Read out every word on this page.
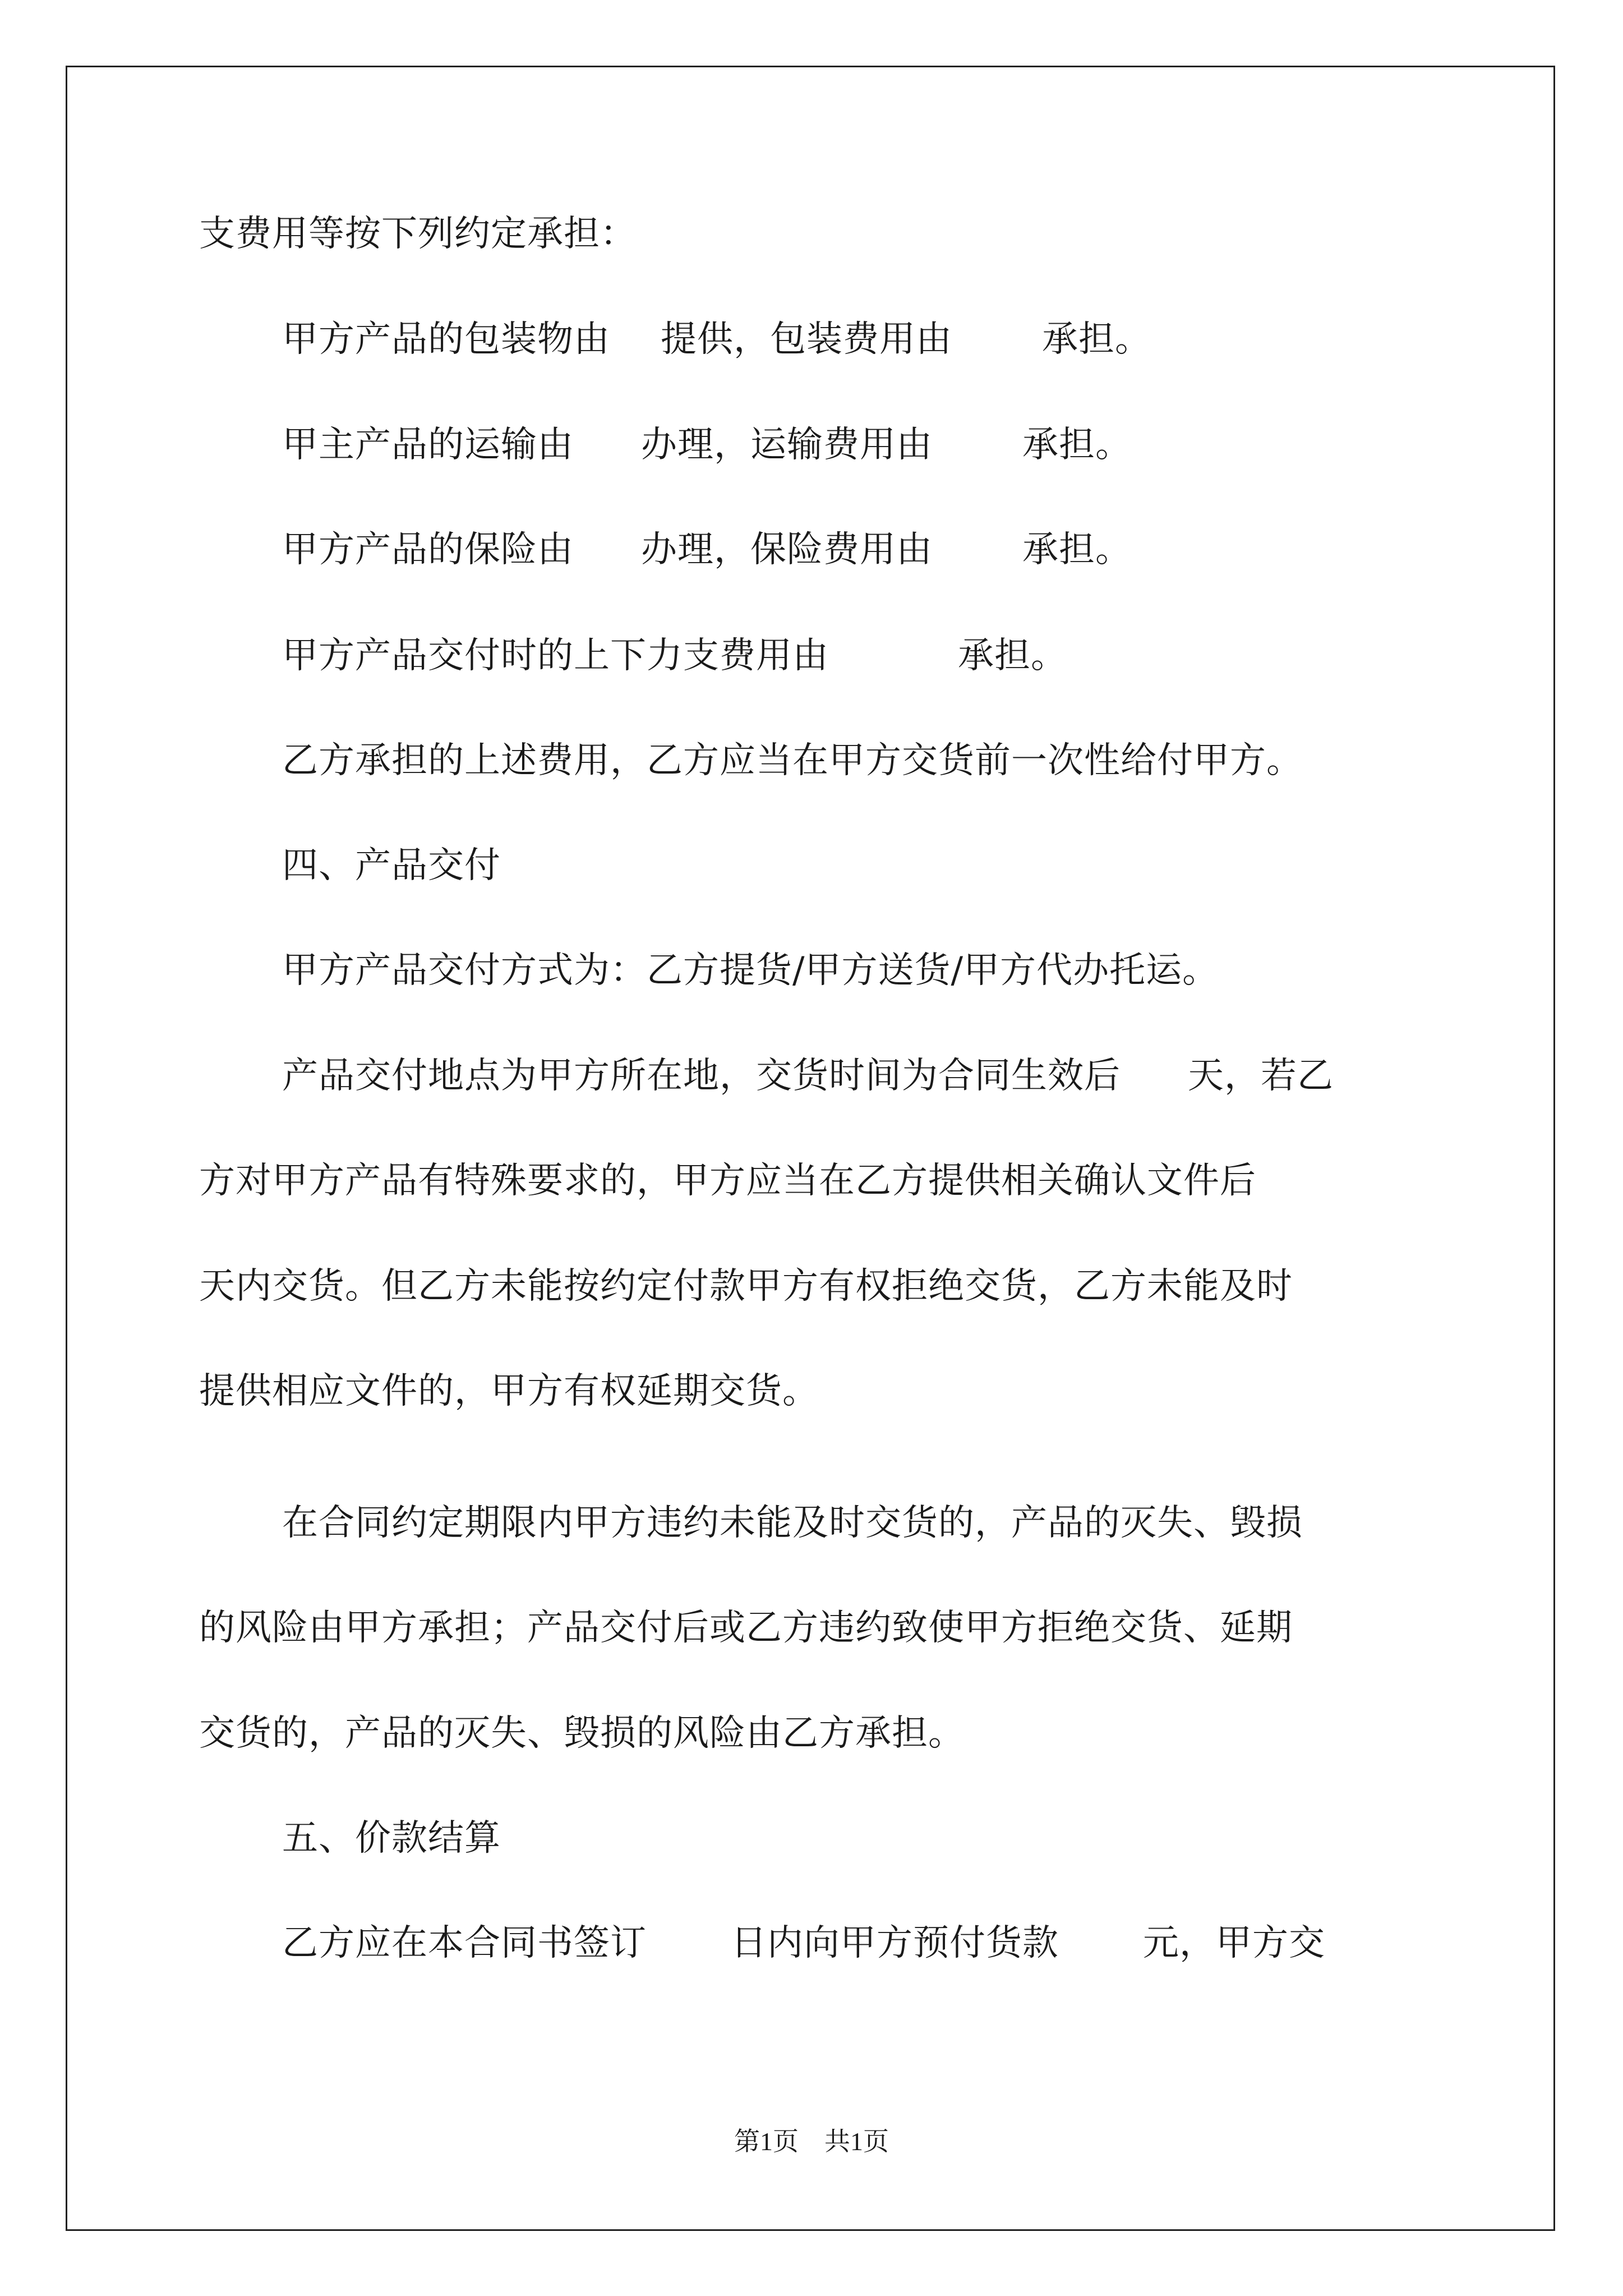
支费用等按下列约定承担：
甲方产品的包装物由 提供，包装费用由	承担。
甲主产品的运输由 办理，运输费用由	承担。
甲方产品的保险由 办理，保险费用由	承担。
甲方产品交付时的上下力支费用由	承担。
乙方承担的上述费用，乙方应当在甲方交货前一次性给付甲方。
四、产品交付
甲方产品交付方式为：乙方提货/甲方送货/甲方代办托运。
产品交付地点为甲方所在地，交货时间为合同生效后 天，若乙
方对甲方产品有特殊要求的，甲方应当在乙方提供相关确认文件后
天内交货。但乙方未能按约定付款甲方有权拒绝交货，乙方未能及时
提供相应文件的，甲方有权延期交货。
在合同约定期限内甲方违约未能及时交货的，产品的灭失、毁损
的风险由甲方承担；产品交付后或乙方违约致使甲方拒绝交货、延期
交货的，产品的灭失、毁损的风险由乙方承担。
五、价款结算
乙方应在本合同书签订 日内向甲方预付货款 元，甲方交
第1页　共1页
